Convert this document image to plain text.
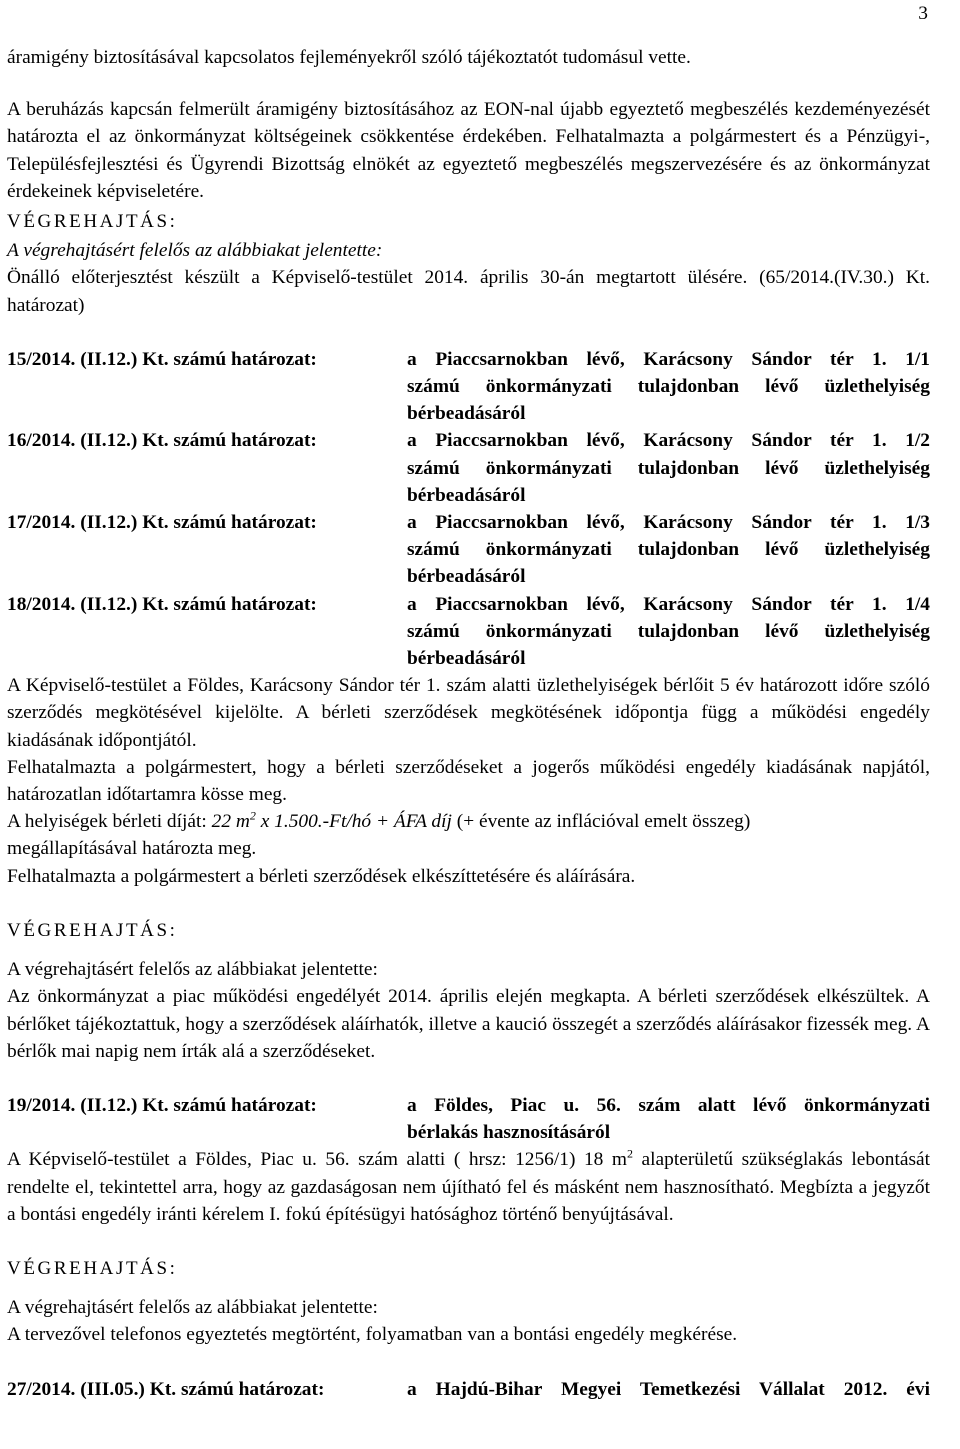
3

áramigény biztosításával kapcsolatos fejleményekről szóló tájékoztatót tudomásul vette.

A beruházás kapcsán felmerült áramigény biztosításához az EON-nal újabb egyeztető megbeszélés kezdeményezését határozta el az önkormányzat költségeinek csökkentése érdekében. Felhatalmazta a polgármestert és a Pénzügyi-, Településfejlesztési és Ügyrendi Bizottság elnökét az egyeztető megbeszélés megszervezésére és az önkormányzat érdekeinek képviseletére.

VÉGREHAJTÁS:

A végrehajtásért felelős az alábbiakat jelentette:

Önálló előterjesztést készült a Képviselő-testület 2014. április 30-án megtartott ülésére. (65/2014.(IV.30.) Kt. határozat)

15/2014. (II.12.) Kt. számú határozat:	a Piaccsarnokban lévő, Karácsony Sándor tér 1. 1/1
számú önkormányzati tulajdonban lévő üzlethelyiség
bérbeadásáról
16/2014. (II.12.) Kt. számú határozat:	a Piaccsarnokban lévő, Karácsony Sándor tér 1. 1/2
számú önkormányzati tulajdonban lévő üzlethelyiség
bérbeadásáról
17/2014. (II.12.) Kt. számú határozat:	a Piaccsarnokban lévő, Karácsony Sándor tér 1. 1/3
számú önkormányzati tulajdonban lévő üzlethelyiség
bérbeadásáról
18/2014. (II.12.) Kt. számú határozat:	a Piaccsarnokban lévő, Karácsony Sándor tér 1. 1/4
számú önkormányzati tulajdonban lévő üzlethelyiség
bérbeadásáról

A Képviselő-testület a Földes, Karácsony Sándor tér 1. szám alatti üzlethelyiségek bérlőit 5 év határozott időre szóló szerződés megkötésével kijelölte. A bérleti szerződések megkötésének időpontja függ a működési engedély kiadásának időpontjától.

Felhatalmazta a polgármestert, hogy a bérleti szerződéseket a jogerős működési engedély kiadásának napjától, határozatlan időtartamra kösse meg.

A helyiségek bérleti díját: 22 $m^2$ x 1.500.-Ft/hó + ÁFA díj (+ évente az inflációval emelt összeg)

megállapításával határozta meg.

Felhatalmazta a polgármestert a bérleti szerződések elkészíttetésére és aláírására.

VÉGREHAJTÁS:

A végrehajtásért felelős az alábbiakat jelentette:

Az önkormányzat a piac működési engedélyét 2014. április elején megkapta. A bérleti szerződések elkészültek. A bérlőket tájékoztattuk, hogy a szerződések aláírhatók, illetve a kaució összegét a szerződés aláírásakor fizessék meg. A bérlők mai napig nem írták alá a szerződéseket.

19/2014. (II.12.) Kt. számú határozat:	a Földes, Piac u. 56. szám alatt lévő önkormányzati
bérlakás hasznosításáról

A Képviselő-testület a Földes, Piac u. 56. szám alatti ( hrsz: 1256/1) 18 $m^2$ alapterületű szükséglakás lebontását rendelte el, tekintettel arra, hogy az gazdaságosan nem újítható fel és másként nem hasznosítható. Megbízta a jegyzőt a bontási engedély iránti kérelem I. fokú építésügyi hatósághoz történő benyújtásával.

VÉGREHAJTÁS:

A végrehajtásért felelős az alábbiakat jelentette:

A tervezővel telefonos egyeztetés megtörtént, folyamatban van a bontási engedély megkérése.

27/2014. (III.05.) Kt. számú határozat:	a Hajdú-Bihar Megyei Temetkezési Vállalat 2012. évi
